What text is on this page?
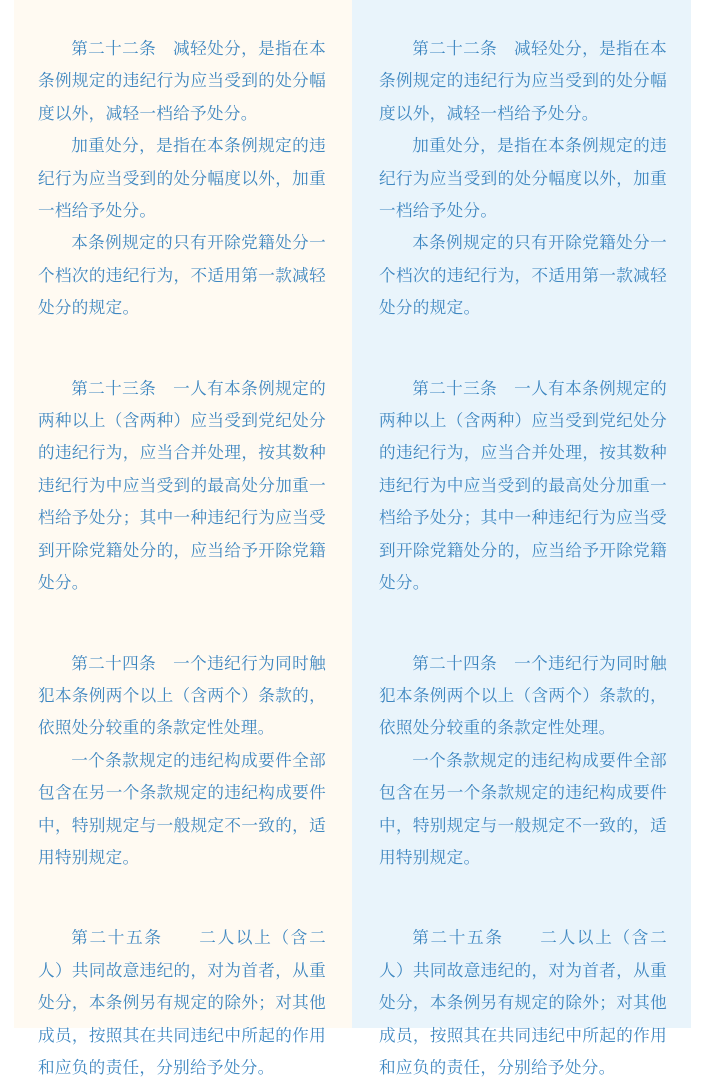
第二十二条　减轻处分，是指在本条例规定的违纪行为应当受到的处分幅度以外，减轻一档给予处分。

加重处分，是指在本条例规定的违纪行为应当受到的处分幅度以外，加重一档给予处分。

本条例规定的只有开除党籍处分一个档次的违纪行为，不适用第一款减轻处分的规定。

第二十三条　一人有本条例规定的两种以上（含两种）应当受到党纪处分的违纪行为，应当合并处理，按其数种违纪行为中应当受到的最高处分加重一档给予处分；其中一种违纪行为应当受到开除党籍处分的，应当给予开除党籍处分。

第二十四条　一个违纪行为同时触犯本条例两个以上（含两个）条款的，依照处分较重的条款定性处理。

一个条款规定的违纪构成要件全部包含在另一个条款规定的违纪构成要件中，特别规定与一般规定不一致的，适用特别规定。

第二十五条　　二人以上（含二人）共同故意违纪的，对为首者，从重处分，本条例另有规定的除外；对其他成员，按照其在共同违纪中所起的作用和应负的责任，分别给予处分。

第二十二条　减轻处分，是指在本条例规定的违纪行为应当受到的处分幅度以外，减轻一档给予处分。

加重处分，是指在本条例规定的违纪行为应当受到的处分幅度以外，加重一档给予处分。

本条例规定的只有开除党籍处分一个档次的违纪行为，不适用第一款减轻处分的规定。

第二十三条　一人有本条例规定的两种以上（含两种）应当受到党纪处分的违纪行为，应当合并处理，按其数种违纪行为中应当受到的最高处分加重一档给予处分；其中一种违纪行为应当受到开除党籍处分的，应当给予开除党籍处分。

第二十四条　一个违纪行为同时触犯本条例两个以上（含两个）条款的，依照处分较重的条款定性处理。

一个条款规定的违纪构成要件全部包含在另一个条款规定的违纪构成要件中，特别规定与一般规定不一致的，适用特别规定。

第二十五条　　二人以上（含二人）共同故意违纪的，对为首者，从重处分，本条例另有规定的除外；对其他成员，按照其在共同违纪中所起的作用和应负的责任，分别给予处分。
